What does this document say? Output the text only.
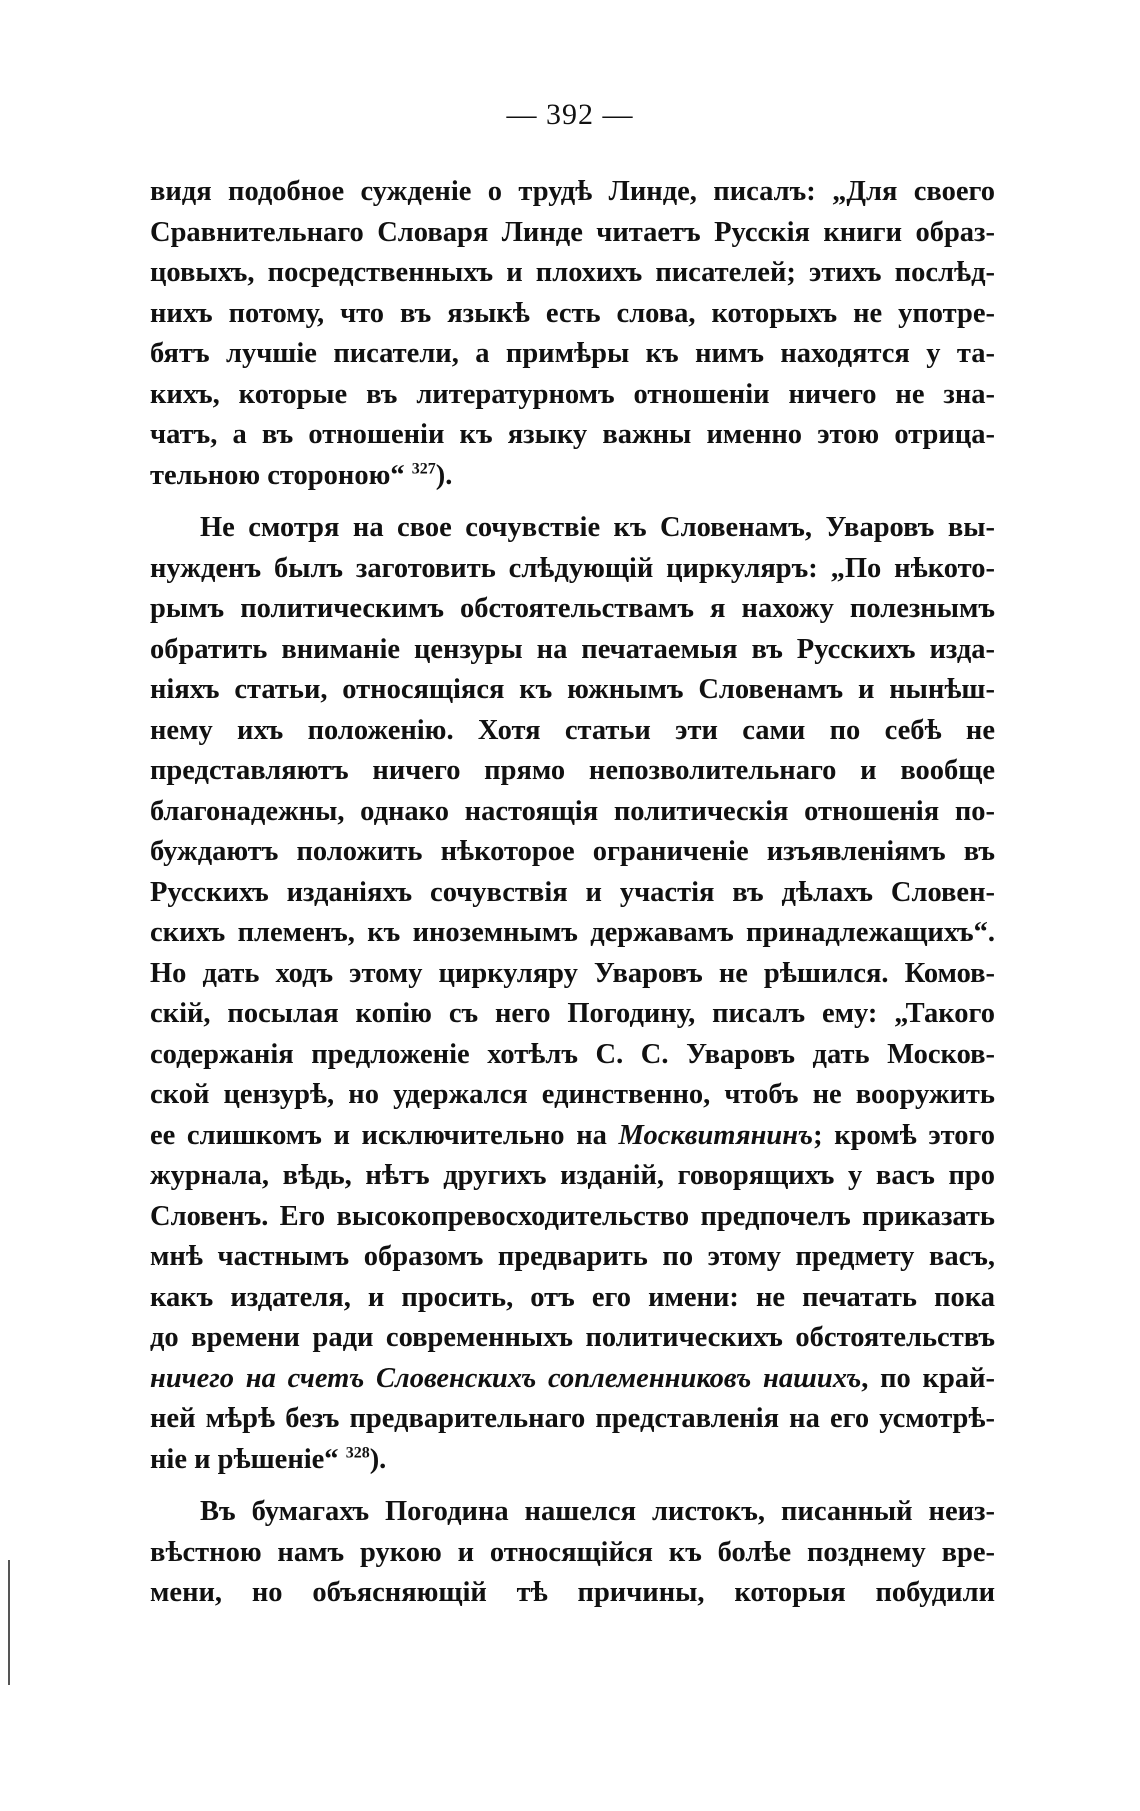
— 392 —

видя подобное сужденіе о трудѣ Линде, писалъ: „Для своего
Сравнительнаго Словаря Линде читаетъ Русскія книги образ-
цовыхъ, посредственныхъ и плохихъ писателей; этихъ послѣд-
нихъ потому, что въ языкѣ есть слова, которыхъ не употре-
бятъ лучшіе писатели, а примѣры къ нимъ находятся у та-
кихъ, которые въ литературномъ отношеніи ничего не зна-
чатъ, а въ отношеніи къ языку важны именно этою отрица-
тельною стороною“ $^{327}$).

Не смотря на свое сочувствіе къ Словенамъ, Уваровъ вы-
нужденъ былъ заготовить слѣдующій циркуляръ: „По нѣкото-
рымъ политическимъ обстоятельствамъ я нахожу полезнымъ
обратить вниманіе цензуры на печатаемыя въ Русскихъ изда-
ніяхъ статьи, относящіяся къ южнымъ Словенамъ и нынѣш-
нему ихъ положенію. Хотя статьи эти сами по себѣ не
представляютъ ничего прямо непозволительнаго и вообще
благонадежны, однако настоящія политическія отношенія по-
буждаютъ положить нѣкоторое ограниченіе изъявленіямъ въ
Русскихъ изданіяхъ сочувствія и участія въ дѣлахъ Словен-
скихъ племенъ, къ иноземнымъ державамъ принадлежащихъ“.
Но дать ходъ этому циркуляру Уваровъ не рѣшился. Комов-
скій, посылая копію съ него Погодину, писалъ ему: „Такого
содержанія предложеніе хотѣлъ С. С. Уваровъ дать Москов-
ской цензурѣ, но удержался единственно, чтобъ не вооружить
ее слишкомъ и исключительно на Москвитянинъ; кромѣ этого
журнала, вѣдь, нѣтъ другихъ изданій, говорящихъ у васъ про
Словенъ. Его высокопревосходительство предпочелъ приказать
мнѣ частнымъ образомъ предварить по этому предмету васъ,
какъ издателя, и просить, отъ его имени: не печатать пока
до времени ради современныхъ политическихъ обстоятельствъ
ничего на счетъ Словенскихъ соплеменниковъ нашихъ, по край-
ней мѣрѣ безъ предварительнаго представленія на его усмотрѣ-
ніе и рѣшеніе“ $^{328}$).

Въ бумагахъ Погодина нашелся листокъ, писанный неиз-
вѣстною намъ рукою и относящійся къ болѣе позднему вре-
мени, но объясняющій тѣ причины, которыя побудили
